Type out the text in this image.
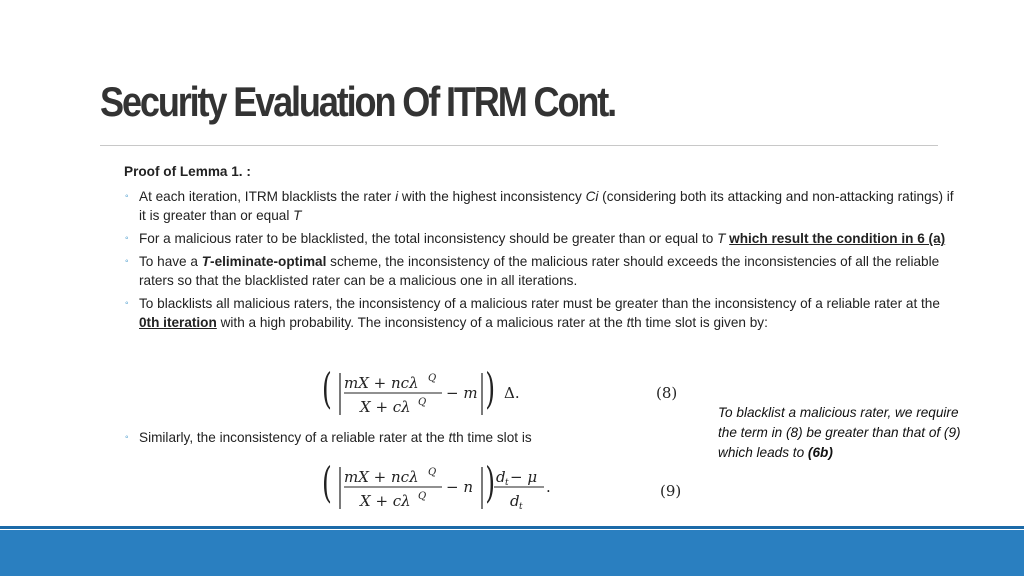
Security Evaluation Of ITRM Cont.
Proof of Lemma 1. :
◦ At each iteration, ITRM blacklists the rater i with the highest inconsistency Ci (considering both its attacking and non-attacking ratings) if it is greater than or equal T
◦ For a malicious rater to be blacklisted, the total inconsistency should be greater than or equal to T which result the condition in 6 (a)
◦ To have a T-eliminate-optimal scheme, the inconsistency of the malicious rater should exceeds the inconsistencies of all the reliable raters so that the blacklisted rater can be a malicious one in all iterations.
◦ To blacklists all malicious raters, the inconsistency of a malicious rater must be greater than the inconsistency of a reliable rater at the 0th iteration with a high probability. The inconsistency of a malicious rater at the tth time slot is given by:
( mX + ncλ Q
X + cλ Q
− m ) Δ.	(8)
◦ Similarly, the inconsistency of a reliable rater at the tth time slot is
( mX + ncλ Q
X + cλ Q
− n ) d t − μ
d t
.	(9)
To blacklist a malicious rater, we require the term in (8) be greater than that of (9) which leads to (6b)
